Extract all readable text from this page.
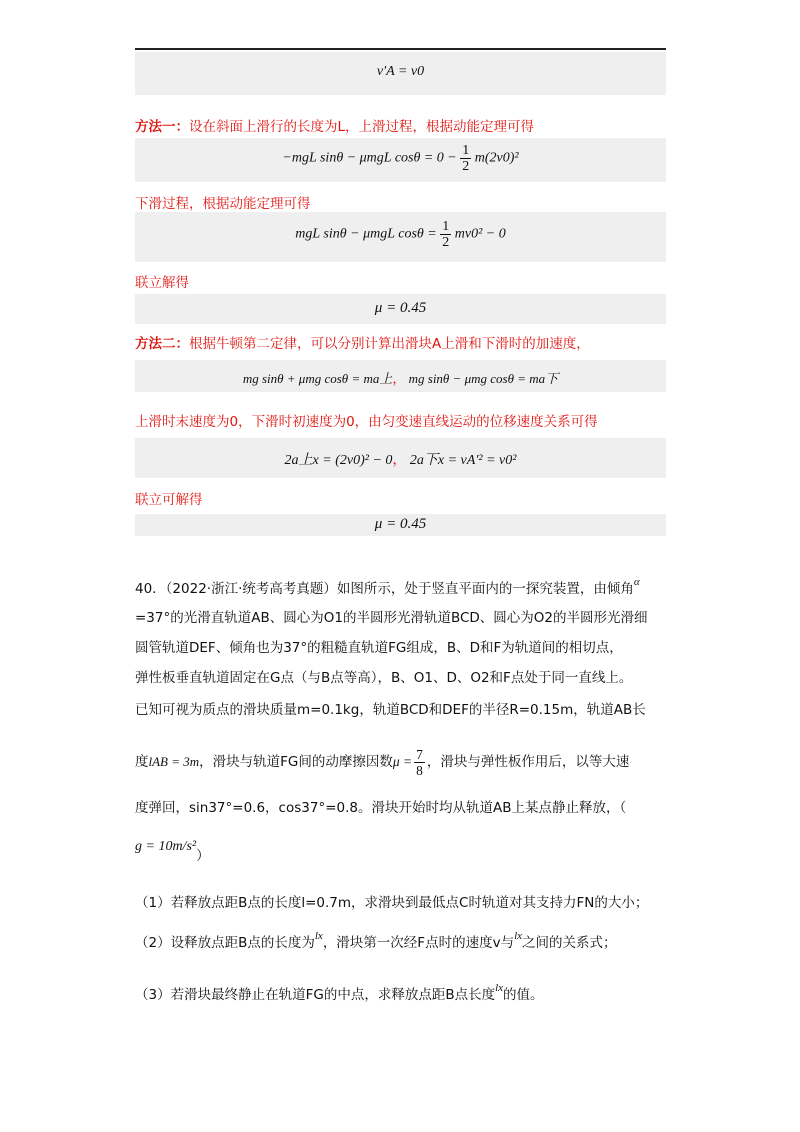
v′A = v0
方法一：设在斜面上滑行的长度为L，上滑过程，根据动能定理可得
−mgL sinθ − μmgL $\cos\theta = 0 - \frac{1}{2} m(2v0)^2$
下滑过程，根据动能定理可得
mgL sinθ − μmgL $\cos\theta = \frac{1}{2} mv0^2 - 0$
联立解得
μ = 0.45
方法二：根据牛顿第二定律，可以分别计算出滑块A上滑和下滑时的加速度，
mg sinθ + μmg cosθ = ma上， mg sinθ − μmg cosθ = ma下
上滑时末速度为0，下滑时初速度为0，由匀变速直线运动的位移速度关系可得
2a上x = (2v0)² − 0， 2a下x = vA′² = v0²
联立可解得
μ = 0.45
40．（2022·浙江·统考高考真题）如图所示，处于竖直平面内的一探究装置，由倾角$^\alpha$
=37°的光滑直轨道AB、圆心为O1的半圆形光滑轨道BCD、圆心为O2的半圆形光滑细
圆管轨道DEF、倾角也为37°的粗糙直轨道FG组成，B、D和F为轨道间的相切点，
弹性板垂直轨道固定在G点（与B点等高），B、O1、D、O2和F点处于同一直线上。
已知可视为质点的滑块质量m=0.1kg，轨道BCD和DEF的半径R=0.15m，轨道AB长
度lAB = 3m，滑块与轨道FG间的动摩擦因数$\mu = \frac{7}{8}$ ，滑块与弹性板作用后，以等大速
度弹回，sin37°=0.6，cos37°=0.8。滑块开始时均从轨道AB上某点静止释放，（
g = 10m/s²）
（1）若释放点距B点的长度l=0.7m，求滑块到最低点C时轨道对其支持力FN的大小；
（2）设释放点距B点的长度为$^{lx}$，滑块第一次经F点时的速度v与$^{lx}$之间的关系式；
（3）若滑块最终静止在轨道FG的中点，求释放点距B点长度$^{lx}$的值。
